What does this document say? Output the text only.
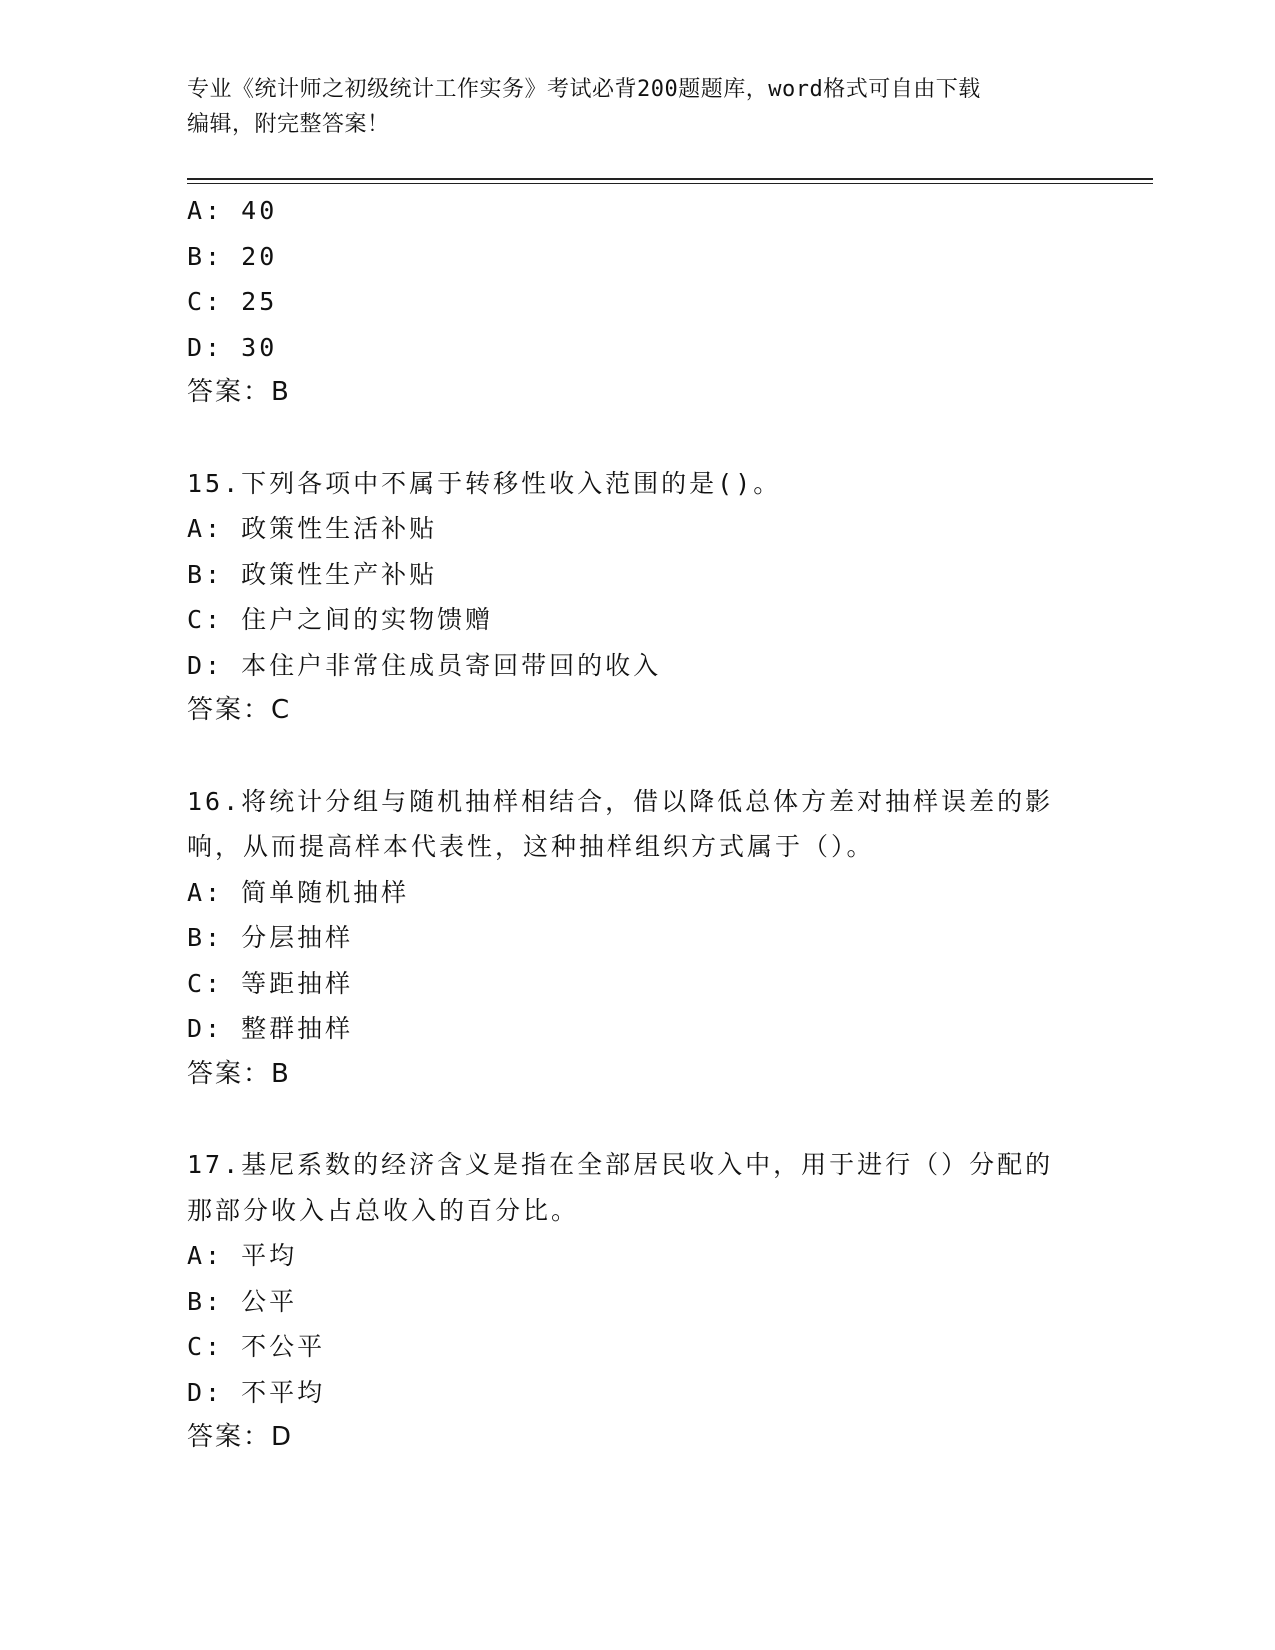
专业《统计师之初级统计工作实务》考试必背200题题库，word格式可自由下载
编辑，附完整答案！
A: 40
B: 20
C: 25
D: 30
答案：B
15.下列各项中不属于转移性收入范围的是()。
A: 政策性生活补贴
B: 政策性生产补贴
C: 住户之间的实物馈赠
D: 本住户非常住成员寄回带回的收入
答案：C
16.将统计分组与随机抽样相结合，借以降低总体方差对抽样误差的影
响，从而提高样本代表性，这种抽样组织方式属于（）。
A: 简单随机抽样
B: 分层抽样
C: 等距抽样
D: 整群抽样
答案：B
17.基尼系数的经济含义是指在全部居民收入中，用于进行（）分配的
那部分收入占总收入的百分比。
A: 平均
B: 公平
C: 不公平
D: 不平均
答案：D
